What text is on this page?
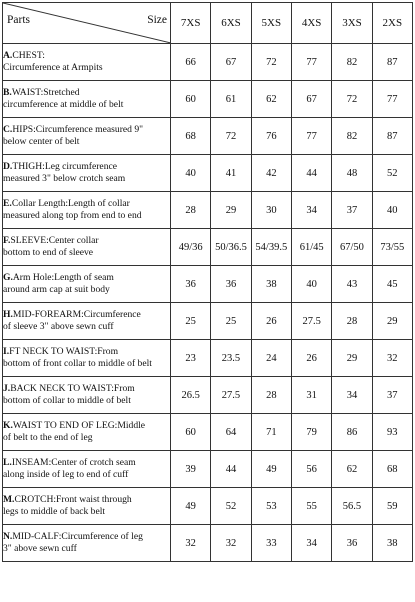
Parts Size	7XS	6XS	5XS	4XS	3XS	2XS
A.CHEST:
Circumference at Armpits	66	67	72	77	82	87
B.WAIST:Stretched
circumference at middle of belt	60	61	62	67	72	77
C.HIPS:Circumference measured 9"
below center of belt	68	72	76	77	82	87
D.THIGH:Leg circumference
measured 3" below crotch seam	40	41	42	44	48	52
E.Collar Length:Length of collar
measured along top from end to end	28	29	30	34	37	40
F.SLEEVE:Center collar
bottom to end of sleeve	49/36	50/36.5	54/39.5	61/45	67/50	73/55
G.Arm Hole:Length of seam
around arm cap at suit body	36	36	38	40	43	45
H.MID-FOREARM:Circumference
of sleeve 3" above sewn cuff	25	25	26	27.5	28	29
I.FT NECK TO WAIST:From
bottom of front collar to middle of belt	23	23.5	24	26	29	32
J.BACK NECK TO WAIST:From
bottom of collar to middle of belt	26.5	27.5	28	31	34	37
K.WAIST TO END OF LEG:Middle
of belt to the end of leg	60	64	71	79	86	93
L.INSEAM:Center of crotch seam
along inside of leg to end of cuff	39	44	49	56	62	68
M.CROTCH:Front waist through
legs to middle of back belt	49	52	53	55	56.5	59
N.MID-CALF:Circumference of leg
3" above sewn cuff	32	32	33	34	36	38
